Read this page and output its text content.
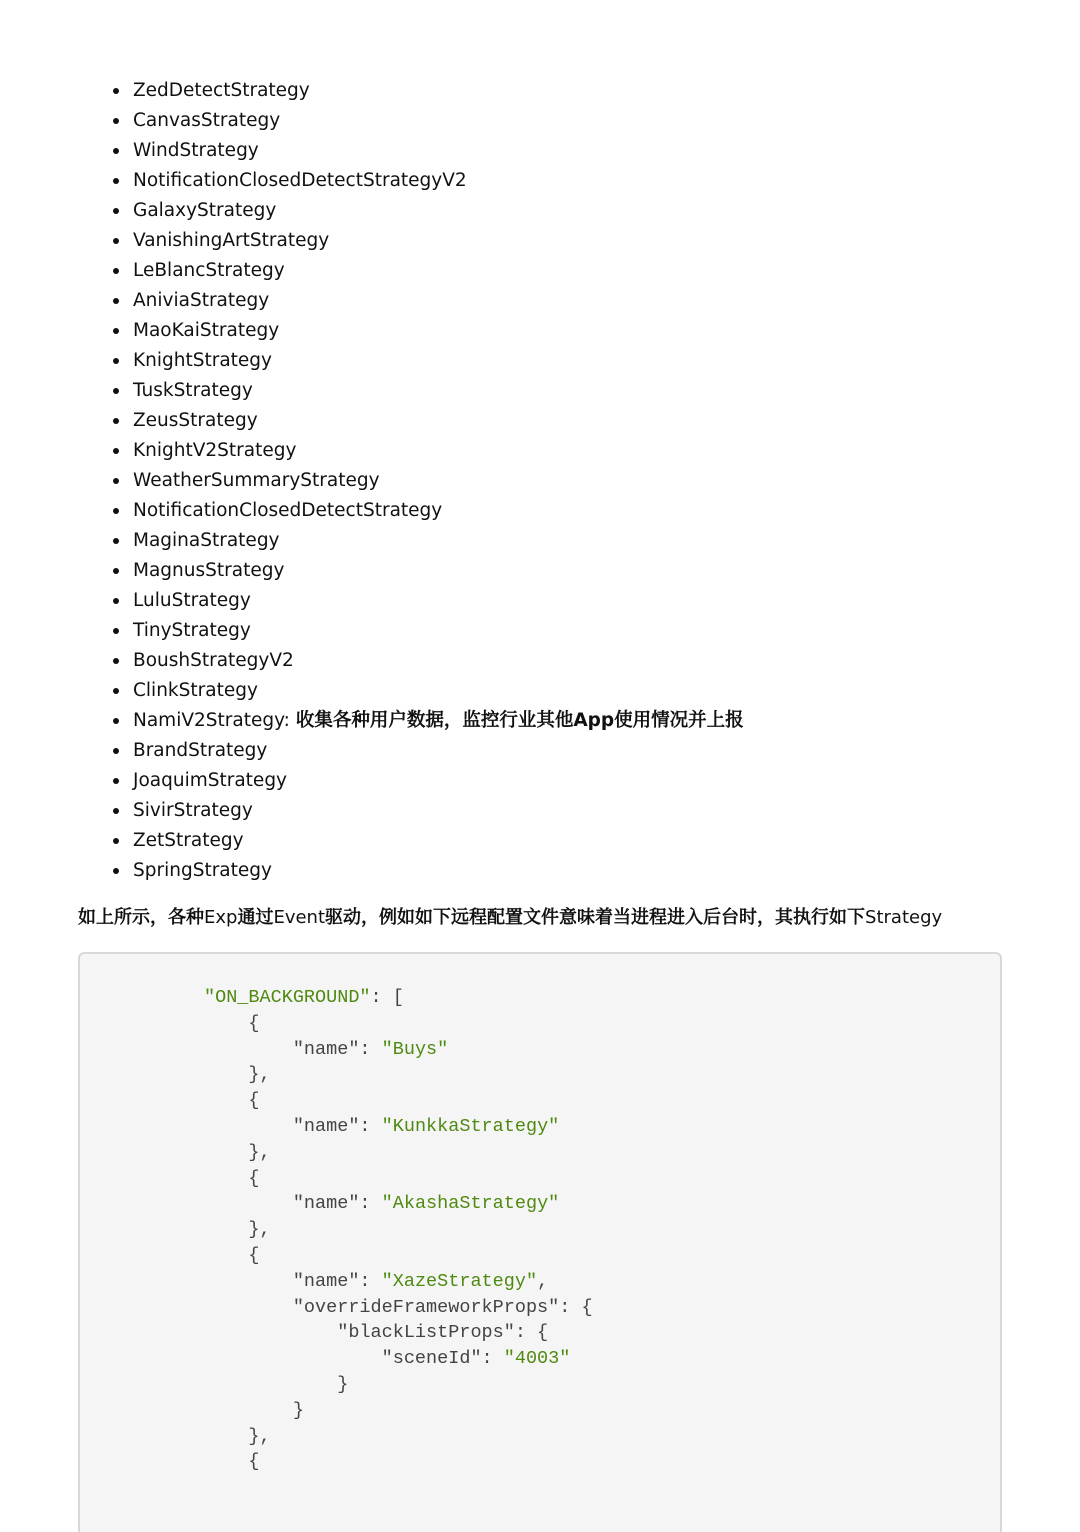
ZedDetectStrategy
CanvasStrategy
WindStrategy
NotificationClosedDetectStrategyV2
GalaxyStrategy
VanishingArtStrategy
LeBlancStrategy
AniviaStrategy
MaoKaiStrategy
KnightStrategy
TuskStrategy
ZeusStrategy
KnightV2Strategy
WeatherSummaryStrategy
NotificationClosedDetectStrategy
MaginaStrategy
MagnusStrategy
LuluStrategy
TinyStrategy
BoushStrategyV2
ClinkStrategy
NamiV2Strategy: 收集各种用户数据，监控行业其他App使用情况并上报
BrandStrategy
JoaquimStrategy
SivirStrategy
ZetStrategy
SpringStrategy

如上所示，各种Exp通过Event驱动，例如如下远程配置文件意味着当进程进入后台时，其执行如下Strategy

"ON_BACKGROUND": [
{
"name": "Buys"
},
{
"name": "KunkkaStrategy"
},
{
"name": "AkashaStrategy"
},
{
"name": "XazeStrategy",
"overrideFrameworkProps": {
"blackListProps": {
"sceneId": "4003"
}
}
},
{
